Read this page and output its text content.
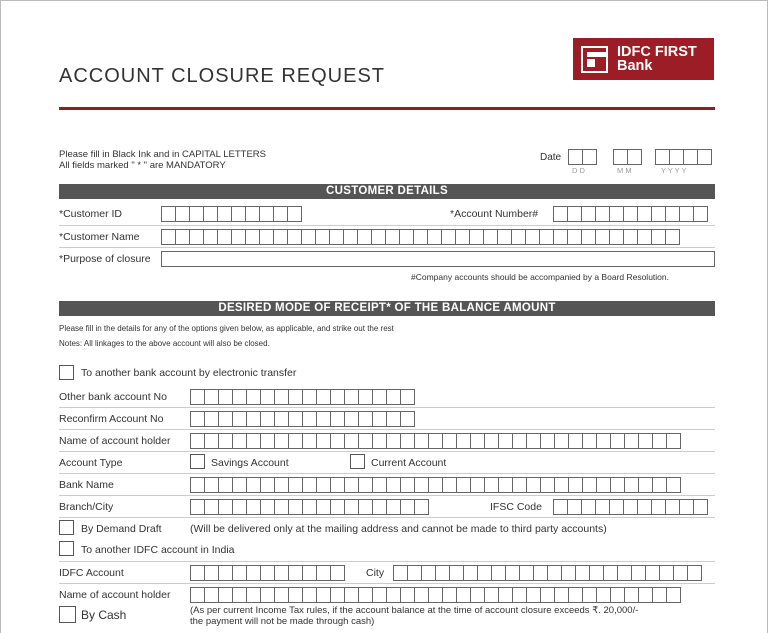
ACCOUNT CLOSURE REQUEST
IDFC FIRST
Bank
Please fill in Black Ink and in CAPITAL LETTERS
All fields marked " * " are MANDATORY
Date
D D	M M	Y Y Y Y
CUSTOMER DETAILS
*Customer ID	*Account Number#
*Customer Name
*Purpose of closure
#Company accounts should be accompanied by a Board Resolution.
DESIRED MODE OF RECEIPT* OF THE BALANCE AMOUNT
Please fill in the details for any of the options given below, as applicable, and strike out the rest
Notes: All linkages to the above account will also be closed.
To another bank account by electronic transfer
Other bank account No
Reconfirm Account No
Name of account holder
Account Type	Savings Account	Current Account
Bank Name
Branch/City	IFSC Code
By Demand Draft	(Will be delivered only at the mailing address and cannot be made to third party accounts)
To another IDFC account in India
IDFC Account	City
Name of account holder
By Cash	(As per current Income Tax rules, if the account balance at the time of account closure exceeds ₹. 20,000/-
the payment will not be made through cash)
